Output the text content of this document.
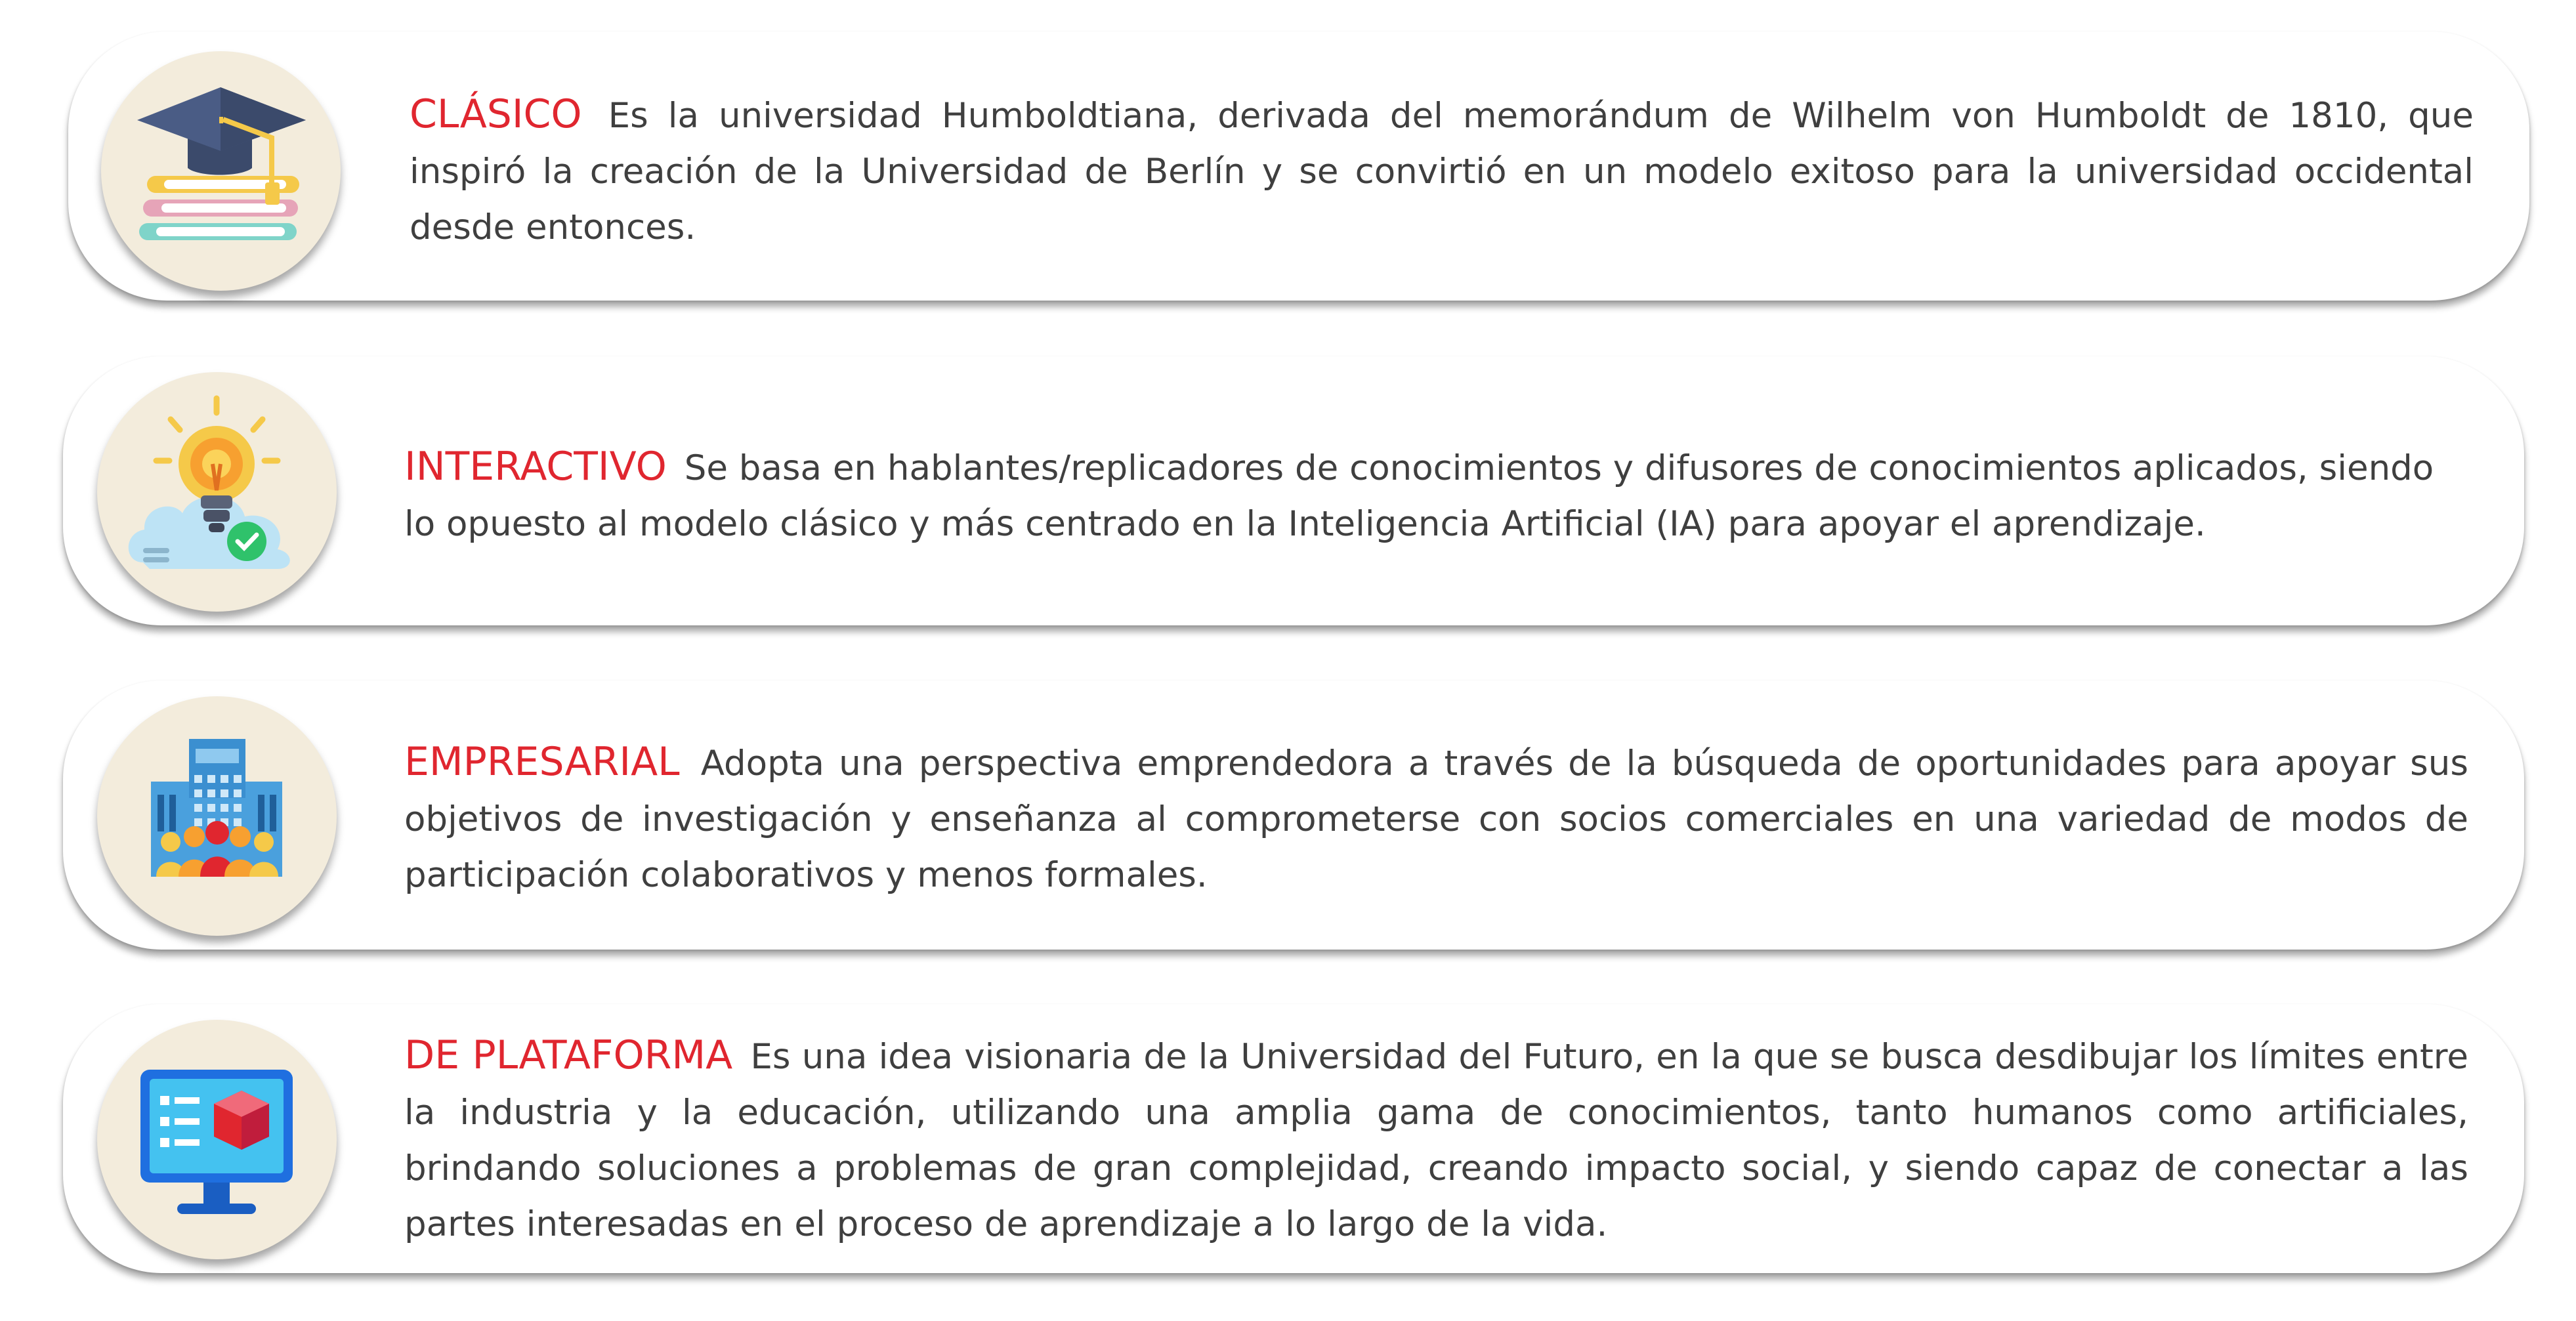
CLÁSICO Es la universidad Humboldtiana, derivada del memorándum de Wilhelm von Humboldt de 1810, que inspiró la creación de la Universidad de Berlín y se convirtió en un modelo exitoso para la universidad occidental desde entonces.

INTERACTIVO Se basa en hablantes/replicadores de conocimientos y difusores de conocimientos aplicados, siendo lo opuesto al modelo clásico y más centrado en la Inteligencia Artificial (IA) para apoyar el aprendizaje.

EMPRESARIAL Adopta una perspectiva emprendedora a través de la búsqueda de oportunidades para apoyar sus objetivos de investigación y enseñanza al comprometerse con socios comerciales en una variedad de modos de participación colaborativos y menos formales.

DE PLATAFORMA Es una idea visionaria de la Universidad del Futuro, en la que se busca desdibujar los límites entre la industria y la educación, utilizando una amplia gama de conocimientos, tanto humanos como artificiales, brindando soluciones a problemas de gran complejidad, creando impacto social, y siendo capaz de conectar a las partes interesadas en el proceso de aprendizaje a lo largo de la vida.
